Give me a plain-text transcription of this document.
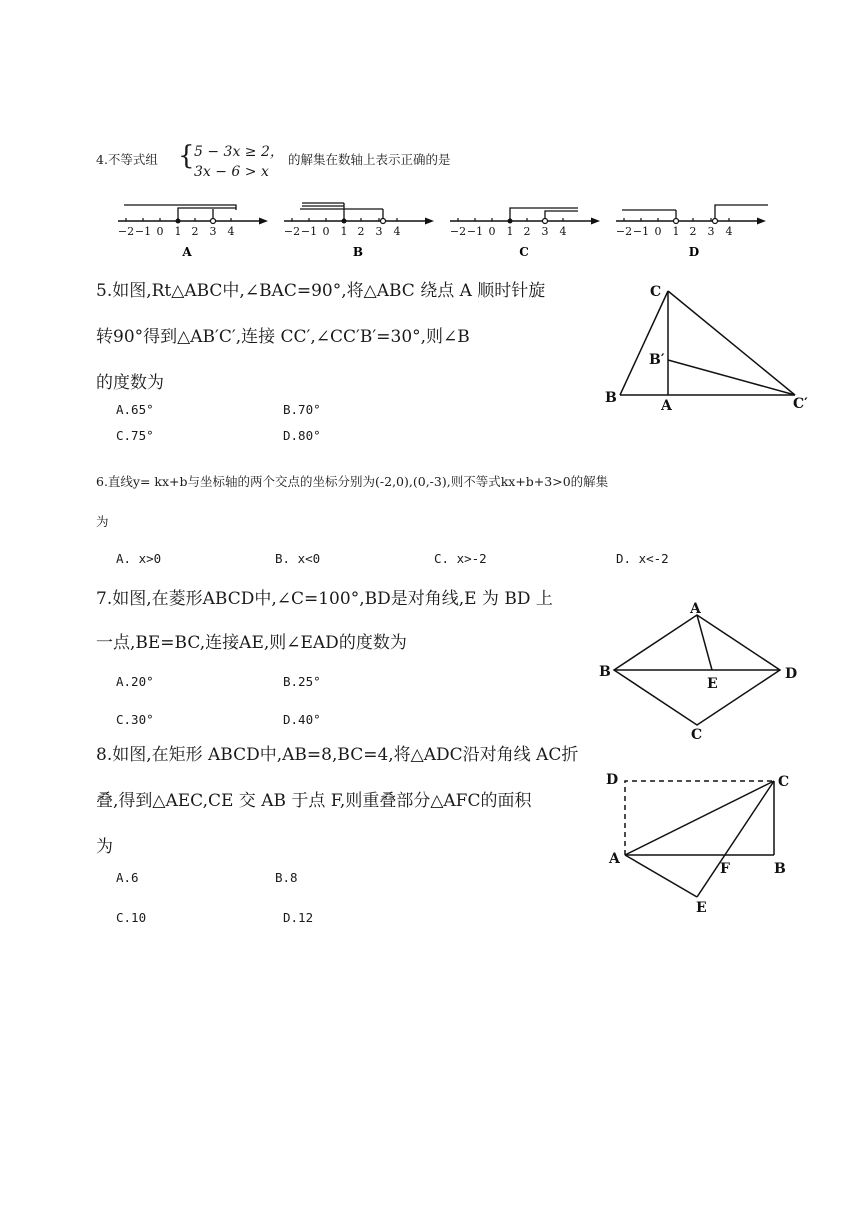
4.不等式组 { 5 − 3x ≥ 2，
3x − 6 > x
的解集在数轴上表示正确的是
−2 −1 0 1 2 3 4
A
−2 −1 0 1 2 3 4
B
−2 −1 0 1 2 3 4
C
−2 −1 0 1 2 3 4
D
5.如图,Rt△ABC中,∠BAC=90°,将△ABC 绕点 A 顺时针旋
转90°得到△AB′C′,连接 CC′,∠CC′B′=30°,则∠B
的度数为
A.65°	B.70°
C.75°	D.80°
C
B′
B	A	C′
6.直线y= kx+b与坐标轴的两个交点的坐标分别为(-2,0),(0,-3),则不等式kx+b+3>0的解集
为
A. x>0	B. x<0	C. x>-2	D. x<-2
7.如图,在菱形ABCD中,∠C=100°,BD是对角线,E 为 BD 上
一点,BE=BC,连接AE,则∠EAD的度数为
A.20°	B.25°
C.30°	D.40°
A
B
E
D
C
8.如图,在矩形 ABCD中,AB=8,BC=4,将△ADC沿对角线 AC折
叠,得到△AEC,CE 交 AB 于点 F,则重叠部分△AFC的面积
为
A.6	B.8
C.10	D.12
D	C
A
F	B
E
